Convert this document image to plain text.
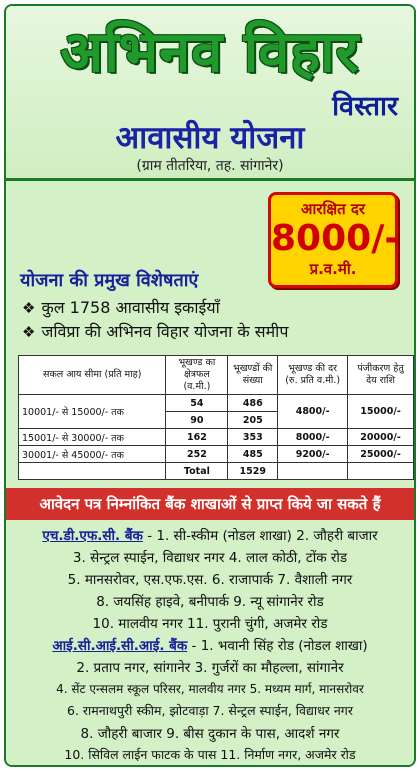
अभिनव विहार
विस्तार
आवासीय योजना
(ग्राम तीतरिया, तह. सांगानेर)
आरक्षित दर
8000/-
प्र.व.मी.
योजना की प्रमुख विशेषताएं
❖ कुल 1758 आवासीय इकाईयाँ
❖ जविप्रा की अभिनव विहार योजना के समीप
सकल आय सीमा (प्रति माह)	भूखण्ड का क्षेत्रफल (व.मी.)	भूखण्डों की संख्या	भूखण्ड की दर (रु. प्रति व.मी.)	पंजीकरण हेतु देय राशि
10001/- से 15000/- तक	54	486	4800/-	15000/-
	90	205		
15001/- से 30000/- तक	162	353	8000/-	20000/-
30001/- से 45000/- तक	252	485	9200/-	25000/-
	Total	1529		
आवेदन पत्र निम्नांकित बैंक शाखाओं से प्राप्त किये जा सकते हैं
एच.डी.एफ.सी. बैंक - 1. सी-स्कीम (नोडल शाखा) 2. जौहरी बाजार
3. सेन्ट्रल स्पाईन, विद्याधर नगर 4. लाल कोठी, टोंक रोड
5. मानसरोवर, एस.एफ.एस. 6. राजापार्क 7. वैशाली नगर
8. जयसिंह हाइवे, बनीपार्क 9. न्यू सांगानेर रोड
10. मालवीय नगर 11. पुरानी चुंगी, अजमेर रोड
आई.सी.आई.सी.आई. बैंक - 1. भवानी सिंह रोड (नोडल शाखा)
2. प्रताप नगर, सांगानेर 3. गुर्जरों का मौहल्ला, सांगानेर
4. सेंट एन्सलम स्कूल परिसर, मालवीय नगर 5. मध्यम मार्ग, मानसरोवर
6. रामनाथपुरी स्कीम, झोटवाड़ा 7. सेन्ट्रल स्पाईन, विद्याधर नगर
8. जौहरी बाजार 9. बीस दुकान के पास, आदर्श नगर
10. सिविल लाईन फाटक के पास 11. निर्माण नगर, अजमेर रोड
